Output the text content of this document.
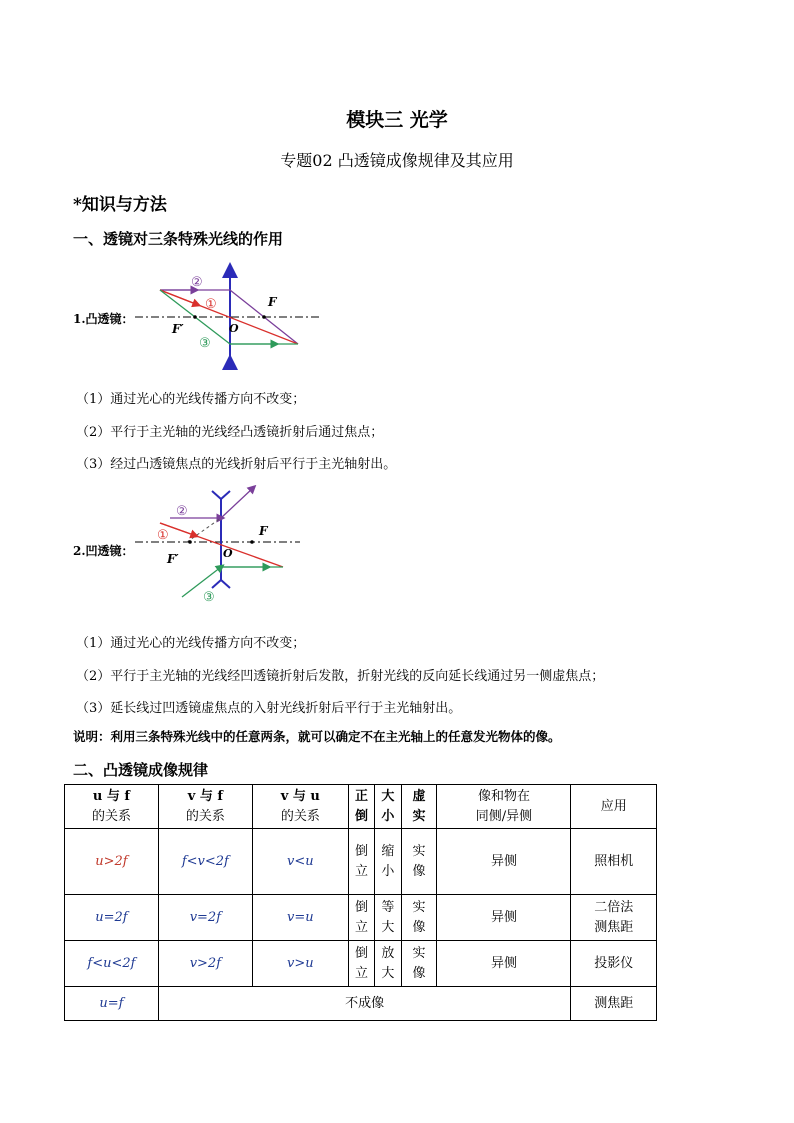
模块三 光学
专题02 凸透镜成像规律及其应用
*知识与方法
一、透镜对三条特殊光线的作用
1.凸透镜：
②
①
③
F
F′	O
（1）通过光心的光线传播方向不改变；
（2）平行于主光轴的光线经凸透镜折射后通过焦点；
（3）经过凸透镜焦点的光线折射后平行于主光轴射出。
2.凹透镜：
②
①
③
F
F′	O
（1）通过光心的光线传播方向不改变；
（2）平行于主光轴的光线经凹透镜折射后发散，折射光线的反向延长线通过另一侧虚焦点；
（3）延长线过凹透镜虚焦点的入射光线折射后平行于主光轴射出。
说明：利用三条特殊光线中的任意两条，就可以确定不在主光轴上的任意发光物体的像。
二、凸透镜成像规律
u 与 f
的关系	v 与 f
的关系	v 与 u
的关系	正倒	大小	虚实	像和物在
同侧/异侧	应用
u>2f	f<v<2f	v<u	倒立	缩小	实像	异侧	照相机
u=2f	v=2f	v=u	倒立	等大	实像	异侧	二倍法
测焦距
f<u<2f	v>2f	v>u	倒立	放大	实像	异侧	投影仪
u=f	不成像						测焦距
